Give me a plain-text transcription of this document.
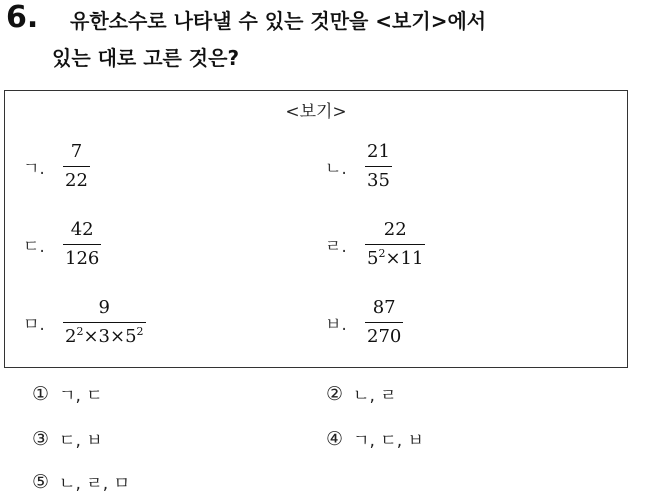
6. 유한소수로 나타낼 수 있는 것만을 <보기>에서
있는 대로 고른 것은?
<보기>
ㄱ.	$\frac{7}{22}$	ㄴ.	$\frac{21}{35}$
ㄷ.	$\frac{42}{126}$	ㄹ.	$\frac{22}{5^2\times 11}$
ㅁ.	$\frac{9}{2^2\times 3\times 5^2}$	ㅂ.	$\frac{87}{270}$
① ㄱ, ㄷ	② ㄴ, ㄹ
③ ㄷ, ㅂ	④ ㄱ, ㄷ, ㅂ
⑤ ㄴ, ㄹ, ㅁ
